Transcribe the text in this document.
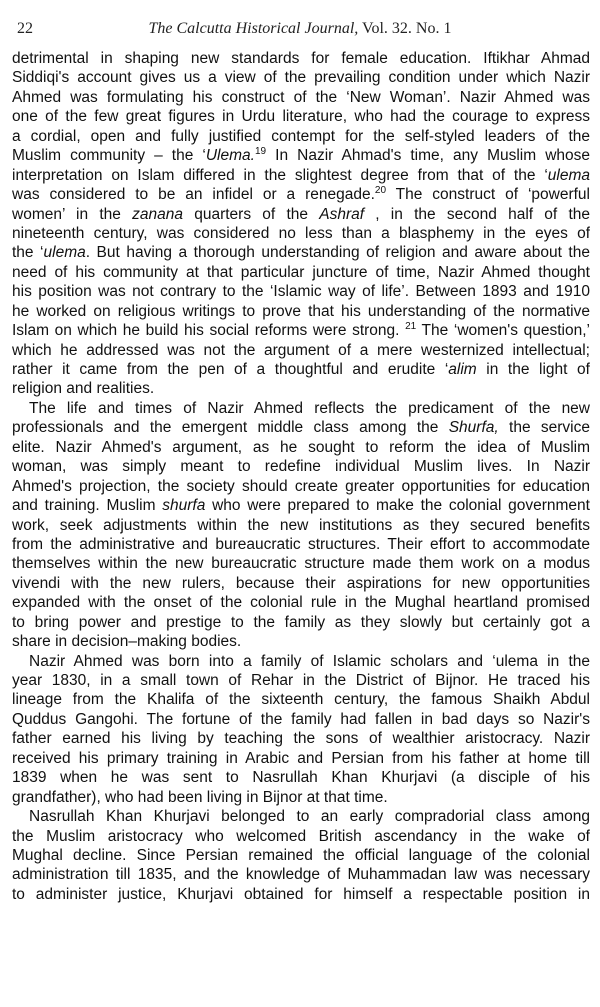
22	The Calcutta Historical Journal, Vol. 32. No. 1
detrimental in shaping new standards for female education. Iftikhar Ahmad
Siddiqi's account gives us a view of the prevailing condition under which Nazir
Ahmed was formulating his construct of the ‘New Woman’. Nazir Ahmed was
one of the few great figures in Urdu literature, who had the courage to express
a cordial, open and fully justified contempt for the self-styled leaders of the
Muslim community – the ‘Ulema.$^{19}$ In Nazir Ahmad's time, any Muslim whose
interpretation on Islam differed in the slightest degree from that of the ‘ulema
was considered to be an infidel or a renegade.$^{20}$ The construct of ‘powerful
women’ in the zanana quarters of the Ashraf , in the second half of the
nineteenth century, was considered no less than a blasphemy in the eyes of
the ‘ulema. But having a thorough understanding of religion and aware about the
need of his community at that particular juncture of time, Nazir Ahmed thought
his position was not contrary to the ‘Islamic way of life’. Between 1893 and 1910
he worked on religious writings to prove that his understanding of the normative
Islam on which he build his social reforms were strong. $^{21}$ The ‘women's question,’
which he addressed was not the argument of a mere westernized intellectual;
rather it came from the pen of a thoughtful and erudite ‘alim in the light of
religion and realities.
The life and times of Nazir Ahmed reflects the predicament of the new
professionals and the emergent middle class among the Shurfa, the service
elite. Nazir Ahmed's argument, as he sought to reform the idea of Muslim
woman, was simply meant to redefine individual Muslim lives. In Nazir
Ahmed's projection, the society should create greater opportunities for education
and training. Muslim shurfa who were prepared to make the colonial government
work, seek adjustments within the new institutions as they secured benefits
from the administrative and bureaucratic structures. Their effort to accommodate
themselves within the new bureaucratic structure made them work on a modus
vivendi with the new rulers, because their aspirations for new opportunities
expanded with the onset of the colonial rule in the Mughal heartland promised
to bring power and prestige to the family as they slowly but certainly got a
share in decision–making bodies.
Nazir Ahmed was born into a family of Islamic scholars and ‘ulema in the
year 1830, in a small town of Rehar in the District of Bijnor. He traced his
lineage from the Khalifa of the sixteenth century, the famous Shaikh Abdul
Quddus Gangohi. The fortune of the family had fallen in bad days so Nazir's
father earned his living by teaching the sons of wealthier aristocracy. Nazir
received his primary training in Arabic and Persian from his father at home till
1839 when he was sent to Nasrullah Khan Khurjavi (a disciple of his
grandfather), who had been living in Bijnor at that time.
Nasrullah Khan Khurjavi belonged to an early compradorial class among
the Muslim aristocracy who welcomed British ascendancy in the wake of
Mughal decline. Since Persian remained the official language of the colonial
administration till 1835, and the knowledge of Muhammadan law was necessary
to administer justice, Khurjavi obtained for himself a respectable position in
